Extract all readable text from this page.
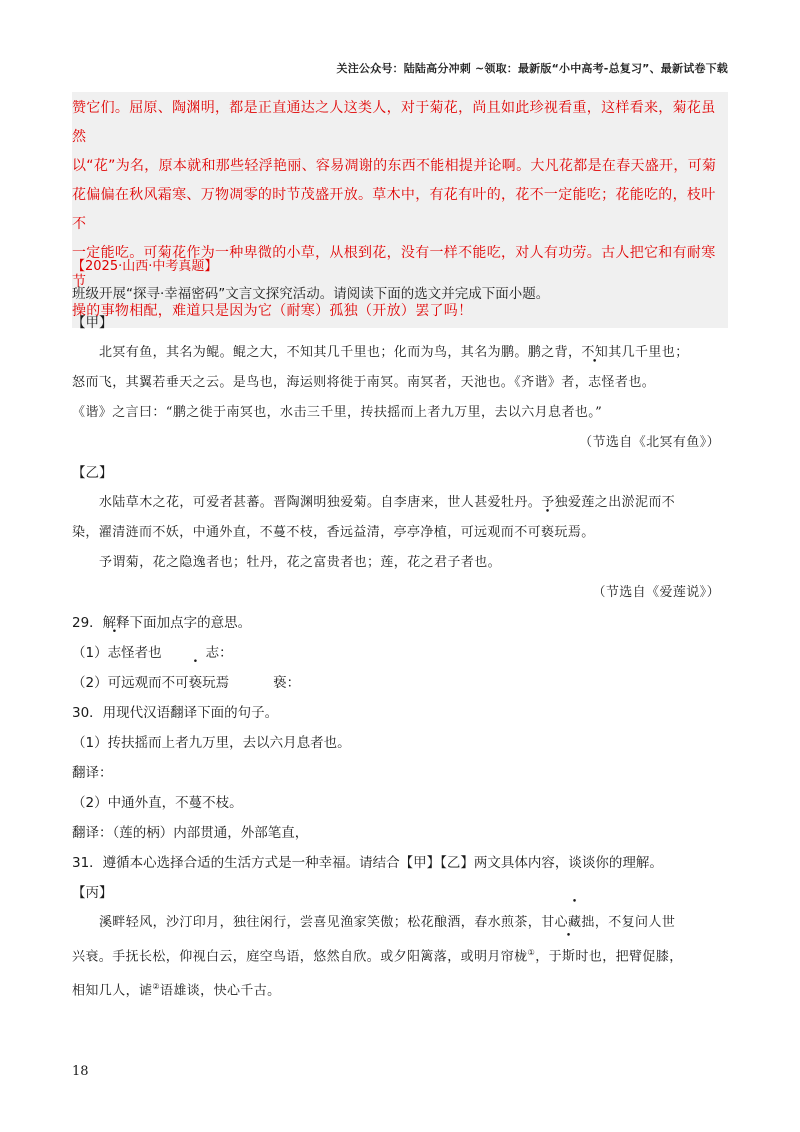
关注公众号：陆陆高分冲刺 ~领取：最新版“小中高考-总复习”、最新试卷下载

赞它们。屈原、陶渊明，都是正直通达之人这类人，对于菊花，尚且如此珍视看重，这样看来，菊花虽然

以“花”为名，原本就和那些轻浮艳丽、容易凋谢的东西不能相提并论啊。大凡花都是在春天盛开，可菊

花偏偏在秋风霜寒、万物凋零的时节茂盛开放。草木中，有花有叶的，花不一定能吃；花能吃的，枝叶不

一定能吃。可菊花作为一种卑微的小草，从根到花，没有一样不能吃，对人有功劳。古人把它和有耐寒节

操的事物相配，难道只是因为它（耐寒）孤独（开放）罢了吗！

【2025·山西·中考真题】
班级开展“探寻·幸福密码”文言文探究活动。请阅读下面的选文并完成下面小题。
【甲】
北冥有鱼，其名为鲲。鲲之大，不知其几千里也；化而为鸟，其名为鹏。鹏之背，不知其几千里也；
怒而飞，其翼若垂天之云。是鸟也，海运则将徙于南冥。南冥者，天池也。《齐谐》者，志怪者也。
《谐》之言曰：“鹏之徙于南冥也，水击三千里，抟扶摇而上者九万里，去以六月息者也。”
（节选自《北冥有鱼》）
【乙】
水陆草木之花，可爱者甚蕃。晋陶渊明独爱菊。自李唐来，世人甚爱牡丹。予独爱莲之出淤泥而不
染，濯清涟而不妖，中通外直，不蔓不枝，香远益清，亭亭净植，可远观而不可亵玩焉。
予谓菊，花之隐逸者也；牡丹，花之富贵者也；莲，花之君子者也。
（节选自《爱莲说》）
29．解释下面加点字的意思。
（1）志怪者也	志：
（2）可远观而不可亵玩焉	亵：
30．用现代汉语翻译下面的句子。
（1）抟扶摇而上者九万里，去以六月息者也。
翻译：
（2）中通外直，不蔓不枝。
翻译：（莲的柄）内部贯通，外部笔直，
31．遵循本心选择合适的生活方式是一种幸福。请结合【甲】【乙】两文具体内容，谈谈你的理解。
【丙】
溪畔轻风，沙汀印月，独往闲行，尝喜见渔家笑傲；松花酿酒，春水煎茶，甘心藏拙，不复问人世
兴衰。手抚长松，仰视白云，庭空鸟语，悠然自欣。或夕阳篱落，或明月帘栊①，于斯时也，把臂促膝，
相知几人，谑②语雄谈，快心千古。
18
